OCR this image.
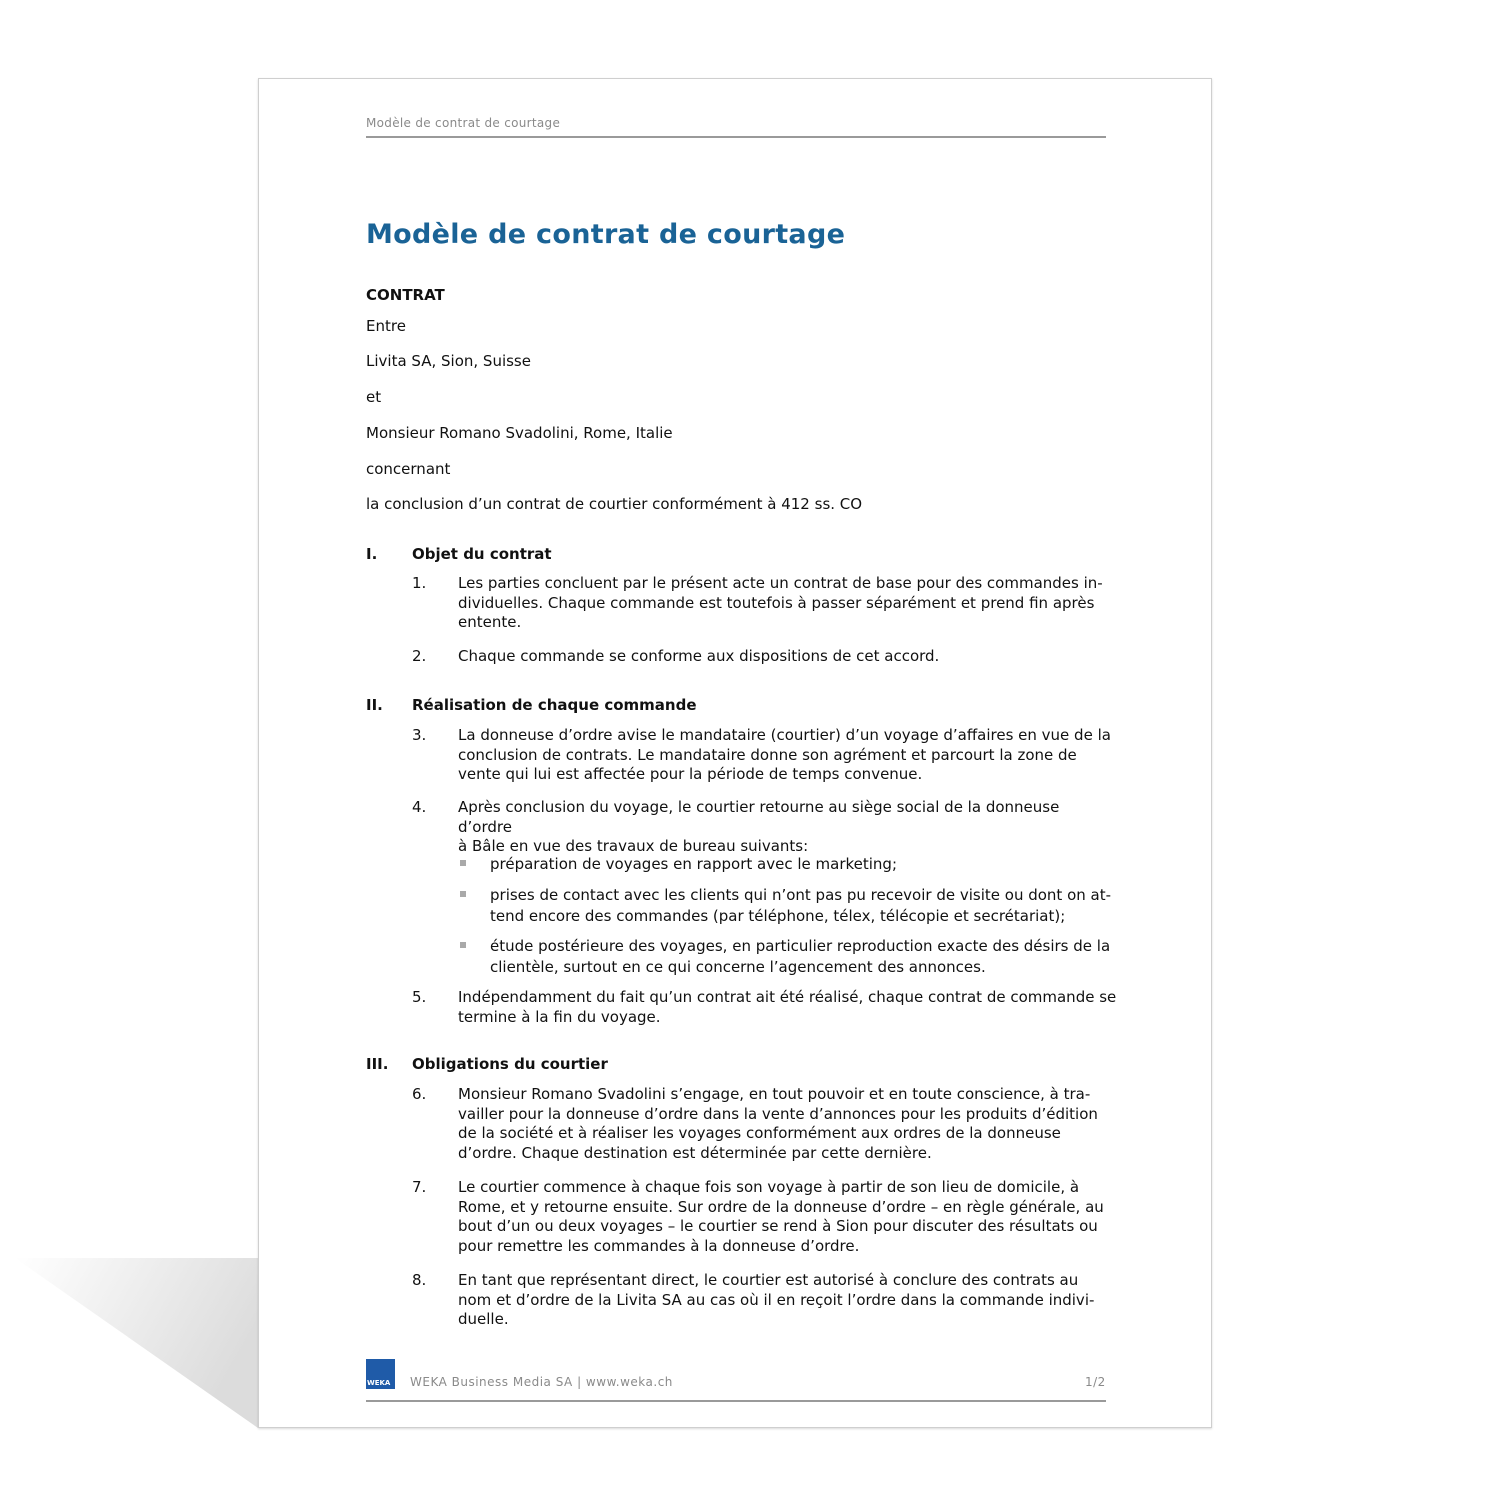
Modèle de contrat de courtage
Modèle de contrat de courtage
CONTRAT
Entre
Livita SA, Sion, Suisse
et
Monsieur Romano Svadolini, Rome, Italie
concernant
la conclusion d’un contrat de courtier conformément à 412 ss. CO
I. Objet du contrat
1. Les parties concluent par le présent acte un contrat de base pour des commandes in-
dividuelles. Chaque commande est toutefois à passer séparément et prend fin après
entente.
2. Chaque commande se conforme aux dispositions de cet accord.
II. Réalisation de chaque commande
3. La donneuse d’ordre avise le mandataire (courtier) d’un voyage d’affaires en vue de la
conclusion de contrats. Le mandataire donne son agrément et parcourt la zone de
vente qui lui est affectée pour la période de temps convenue.
4. Après conclusion du voyage, le courtier retourne au siège social de la donneuse d’ordre
à Bâle en vue des travaux de bureau suivants:
préparation de voyages en rapport avec le marketing;
prises de contact avec les clients qui n’ont pas pu recevoir de visite ou dont on at-
tend encore des commandes (par téléphone, télex, télécopie et secrétariat);
étude postérieure des voyages, en particulier reproduction exacte des désirs de la
clientèle, surtout en ce qui concerne l’agencement des annonces.
5. Indépendamment du fait qu’un contrat ait été réalisé, chaque contrat de commande se
termine à la fin du voyage.
III. Obligations du courtier
6. Monsieur Romano Svadolini s’engage, en tout pouvoir et en toute conscience, à tra-
vailler pour la donneuse d’ordre dans la vente d’annonces pour les produits d’édition
de la société et à réaliser les voyages conformément aux ordres de la donneuse
d’ordre. Chaque destination est déterminée par cette dernière.
7. Le courtier commence à chaque fois son voyage à partir de son lieu de domicile, à
Rome, et y retourne ensuite. Sur ordre de la donneuse d’ordre – en règle générale, au
bout d’un ou deux voyages – le courtier se rend à Sion pour discuter des résultats ou
pour remettre les commandes à la donneuse d’ordre.
8. En tant que représentant direct, le courtier est autorisé à conclure des contrats au
nom et d’ordre de la Livita SA au cas où il en reçoit l’ordre dans la commande indivi-
duelle.
WEKA WEKA Business Media SA | www.weka.ch	1/2
